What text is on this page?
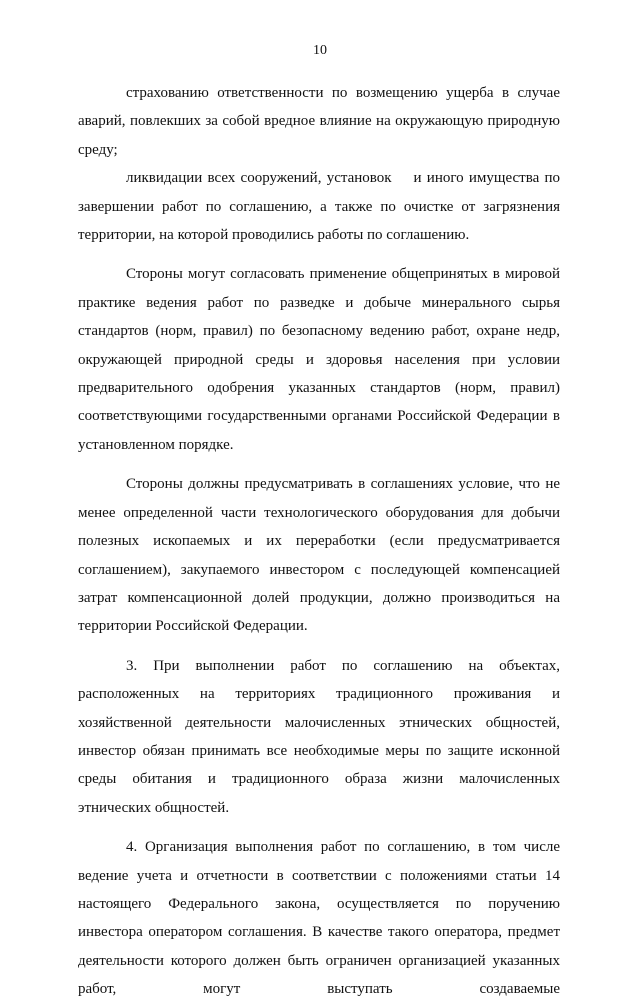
10

страхованию ответственности по возмещению ущерба в случае аварий, повлекших за собой вредное влияние на окружающую природную среду;

ликвидации всех сооружений, установок и иного имущества по завершении работ по соглашению, а также по очистке от загрязнения территории, на которой проводились работы по соглашению.

Стороны могут согласовать применение общепринятых в мировой практике ведения работ по разведке и добыче минерального сырья стандартов (норм, правил) по безопасному ведению работ, охране недр, окружающей природной среды и здоровья населения при условии предварительного одобрения указанных стандартов (норм, правил) соответствующими государственными органами Российской Федерации в установленном порядке.

Стороны должны предусматривать в соглашениях условие, что не менее определенной части технологического оборудования для добычи полезных ископаемых и их переработки (если предусматривается соглашением), закупаемого инвестором с последующей компенсацией затрат компенсационной долей продукции, должно производиться на территории Российской Федерации.

3. При выполнении работ по соглашению на объектах, расположенных на территориях традиционного проживания и хозяйственной деятельности малочисленных этнических общностей, инвестор обязан принимать все необходимые меры по защите исконной среды обитания и традиционного образа жизни малочисленных этнических общностей.

4. Организация выполнения работ по соглашению, в том числе ведение учета и отчетности в соответствии с положениями статьи 14 настоящего Федерального закона, осуществляется по поручению инвестора оператором соглашения. В качестве такого оператора, предмет деятельности которого должен быть ограничен организацией указанных работ, могут выступать создаваемые
